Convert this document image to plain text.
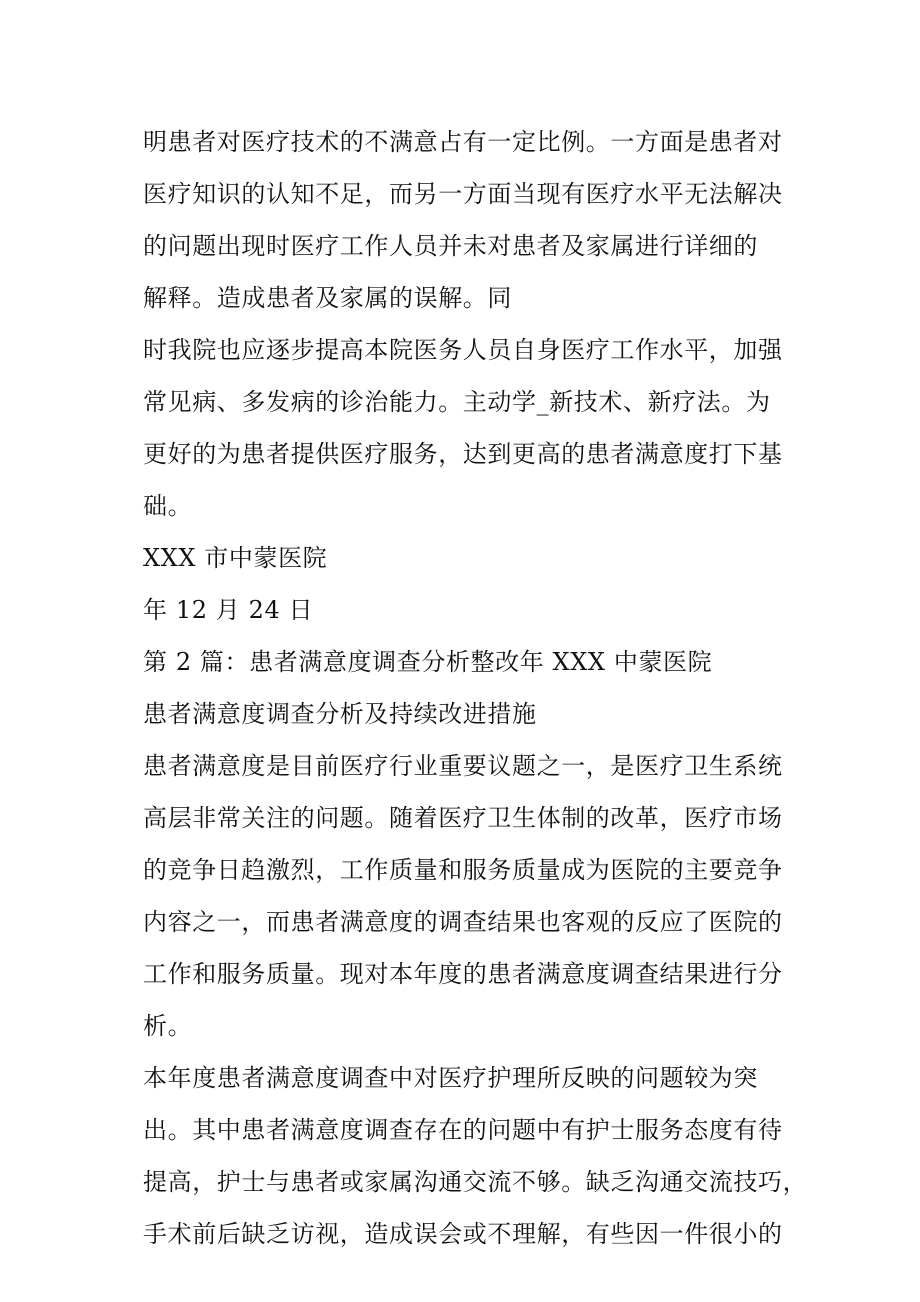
明患者对医疗技术的不满意占有一定比例。一方面是患者对
医疗知识的认知不足，而另一方面当现有医疗水平无法解决
的问题出现时医疗工作人员并未对患者及家属进行详细的
解释。造成患者及家属的误解。同
时我院也应逐步提高本院医务人员自身医疗工作水平，加强
常见病、多发病的诊治能力。主动学_新技术、新疗法。为
更好的为患者提供医疗服务，达到更高的患者满意度打下基
础。
XXX 市中蒙医院
年 12 月 24 日
第 2 篇：患者满意度调查分析整改年 XXX 中蒙医院
患者满意度调查分析及持续改进措施
患者满意度是目前医疗行业重要议题之一，是医疗卫生系统
高层非常关注的问题。随着医疗卫生体制的改革，医疗市场
的竞争日趋激烈，工作质量和服务质量成为医院的主要竞争
内容之一，而患者满意度的调查结果也客观的反应了医院的
工作和服务质量。现对本年度的患者满意度调查结果进行分
析。
本年度患者满意度调查中对医疗护理所反映的问题较为突
出。其中患者满意度调查存在的问题中有护士服务态度有待
提高，护士与患者或家属沟通交流不够。缺乏沟通交流技巧，
手术前后缺乏访视，造成误会或不理解，有些因一件很小的
